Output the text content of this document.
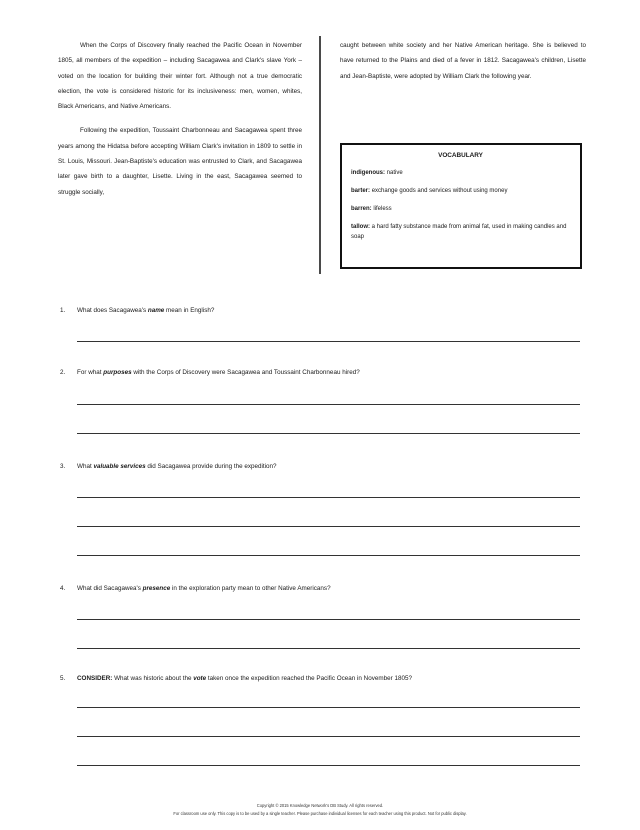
When the Corps of Discovery finally reached the Pacific Ocean in November 1805, all members of the expedition – including Sacagawea and Clark's slave York – voted on the location for building their winter fort. Although not a true democratic election, the vote is considered historic for its inclusiveness: men, women, whites, Black Americans, and Native Americans.

Following the expedition, Toussaint Charbonneau and Sacagawea spent three years among the Hidatsa before accepting William Clark's invitation in 1809 to settle in St. Louis, Missouri. Jean-Baptiste's education was entrusted to Clark, and Sacagawea later gave birth to a daughter, Lisette. Living in the east, Sacagawea seemed to struggle socially,

caught between white society and her Native American heritage. She is believed to have returned to the Plains and died of a fever in 1812. Sacagawea's children, Lisette and Jean-Baptiste, were adopted by William Clark the following year.

VOCABULARY
indigenous: native
barter: exchange goods and services without using money
barren: lifeless
tallow: a hard fatty substance made from animal fat, used in making candles and soap
1.	What does Sacagawea's name mean in English?
2.	For what purposes with the Corps of Discovery were Sacagawea and Toussaint Charbonneau hired?
3.	What valuable services did Sacagawea provide during the expedition?
4.	What did Sacagawea's presence in the exploration party mean to other Native Americans?
5.	CONSIDER: What was historic about the vote taken once the expedition reached the Pacific Ocean in November 1805?
Copyright © 2015 Knowledge Network’s DB Study. All rights reserved.
For classroom use only. This copy is to be used by a single teacher. Please purchase individual licenses for each teacher using this product. Not for public display.
